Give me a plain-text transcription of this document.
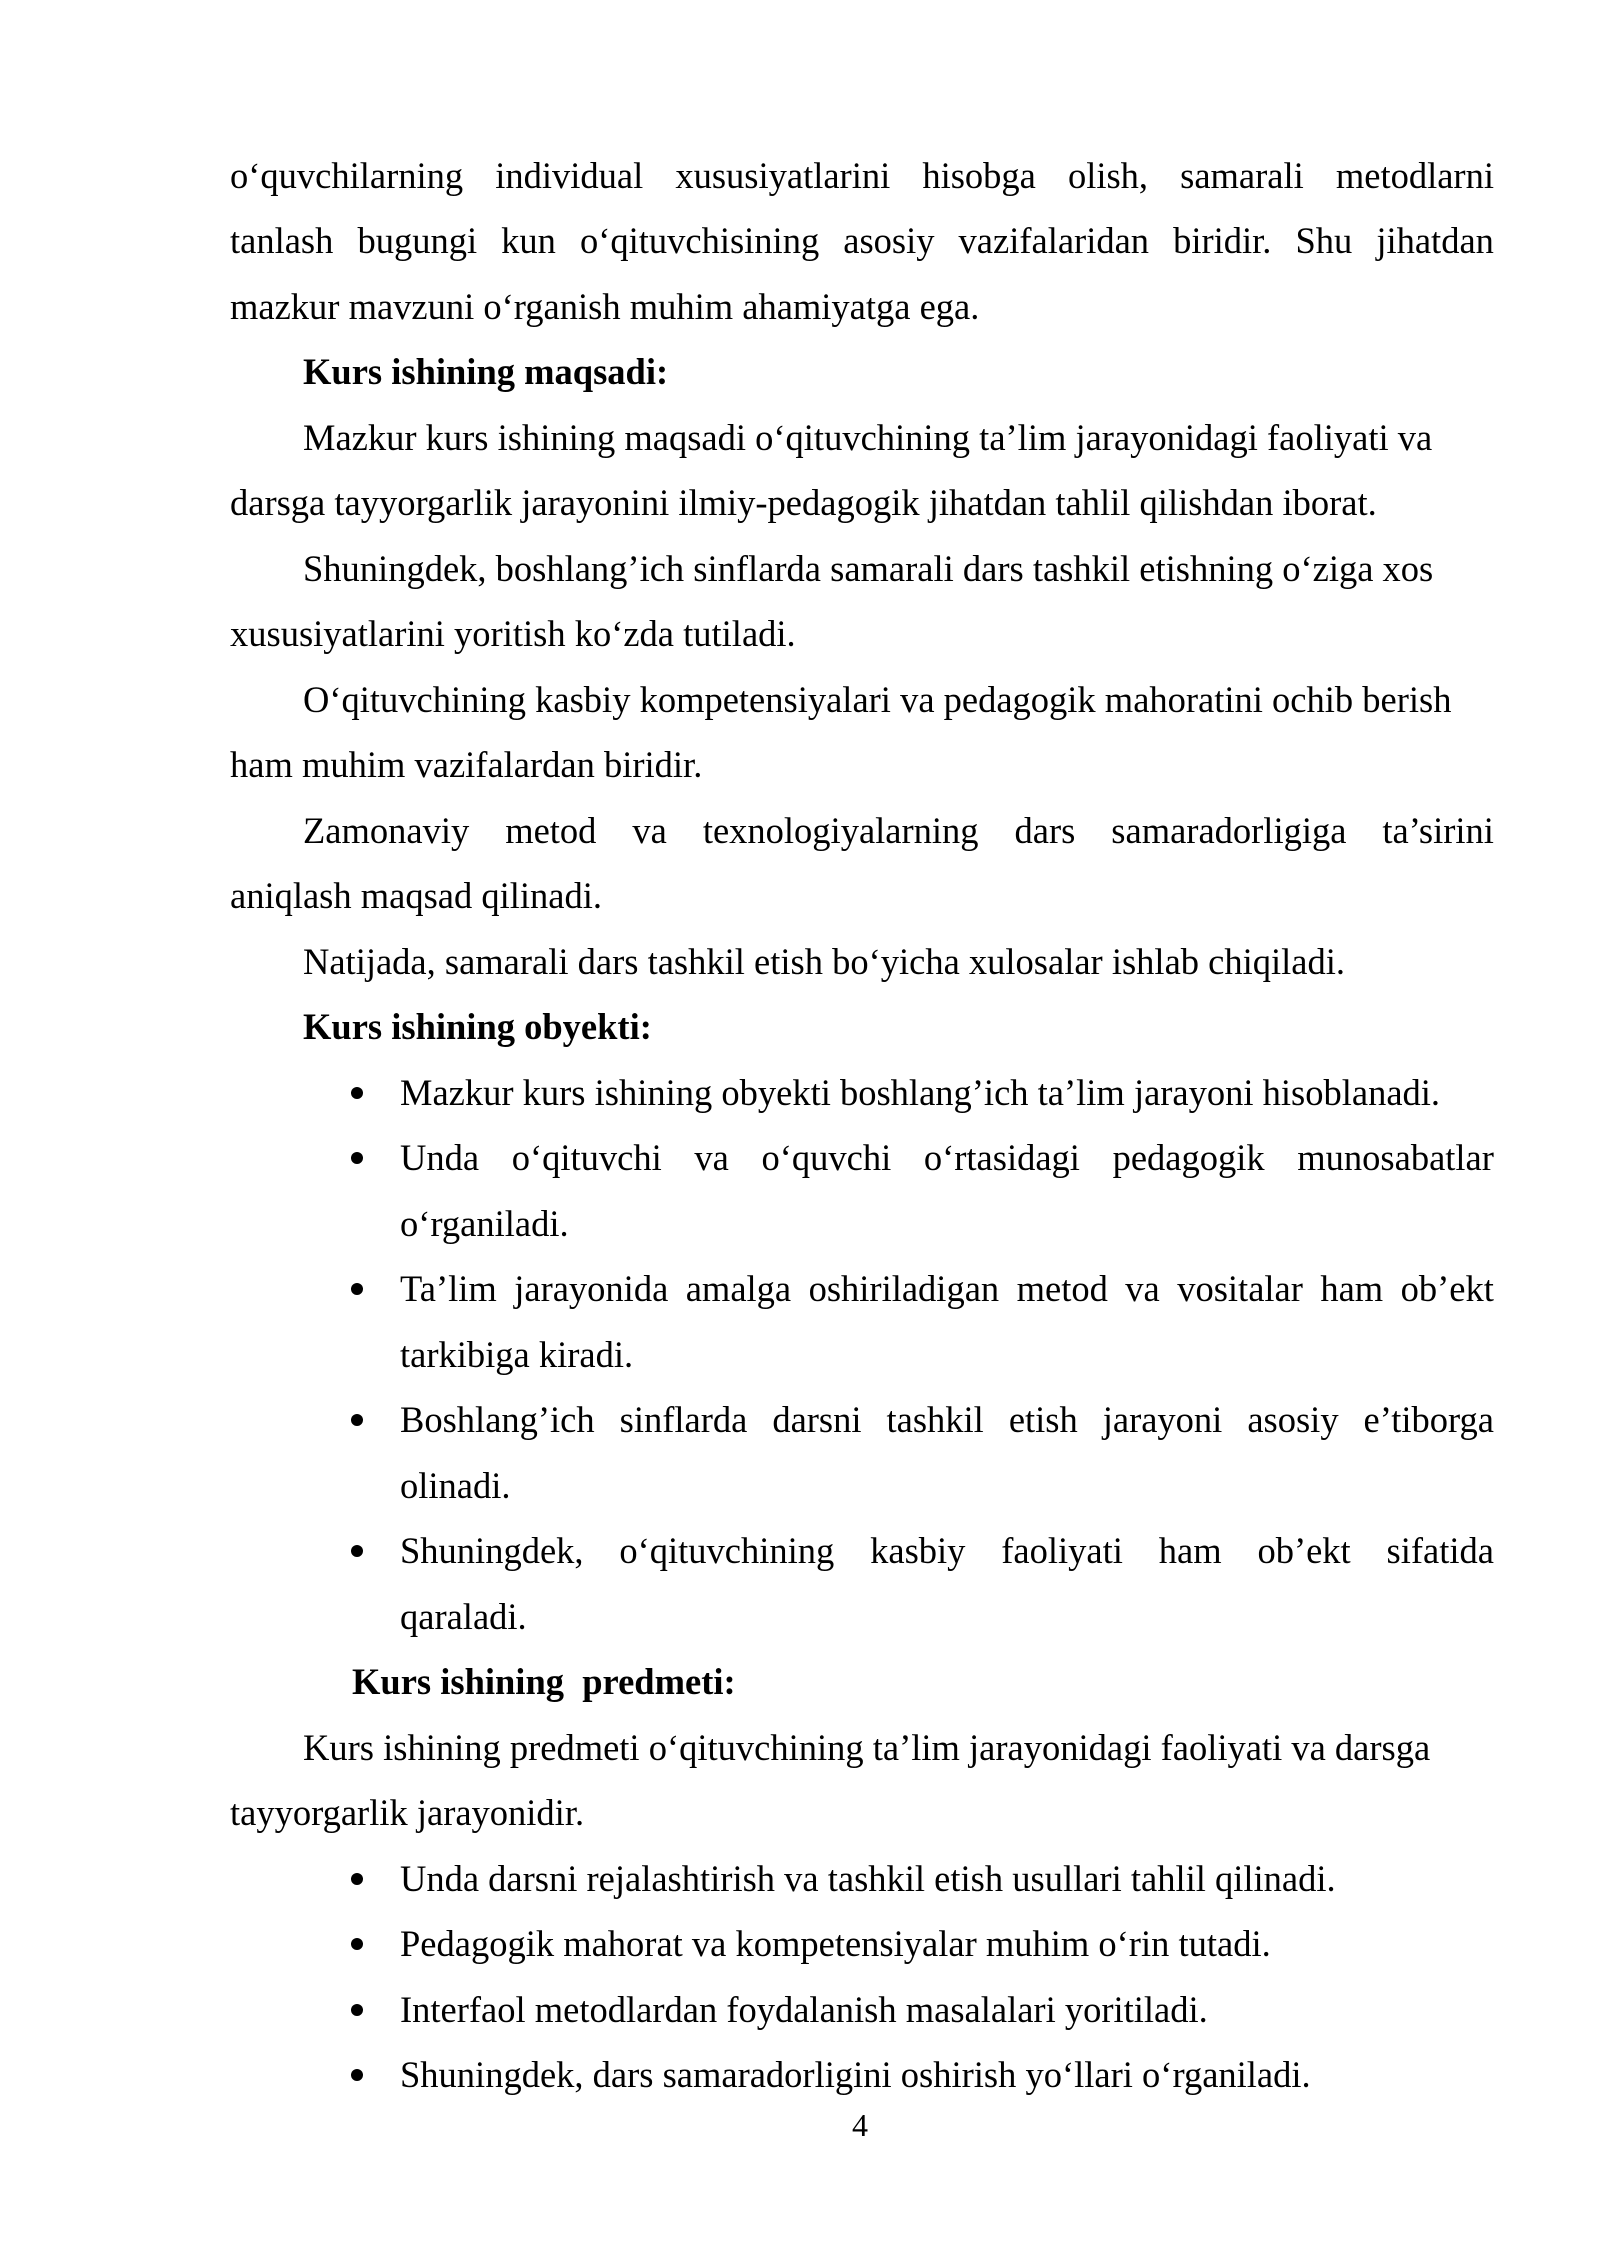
o‘quvchilarning individual xususiyatlarini hisobga olish, samarali metodlarni
tanlash bugungi kun o‘qituvchisining asosiy vazifalaridan biridir. Shu jihatdan
mazkur mavzuni o‘rganish muhim ahamiyatga ega.
Kurs ishining maqsadi:
Mazkur kurs ishining maqsadi o‘qituvchining ta’lim jarayonidagi faoliyati va
darsga tayyorgarlik jarayonini ilmiy-pedagogik jihatdan tahlil qilishdan iborat.
Shuningdek, boshlang’ich sinflarda samarali dars tashkil etishning o‘ziga xos
xususiyatlarini yoritish ko‘zda tutiladi.
O‘qituvchining kasbiy kompetensiyalari va pedagogik mahoratini ochib berish
ham muhim vazifalardan biridir.
Zamonaviy metod va texnologiyalarning dars samaradorligiga ta’sirini
aniqlash maqsad qilinadi.
Natijada, samarali dars tashkil etish bo‘yicha xulosalar ishlab chiqiladi.
Kurs ishining obyekti:
Mazkur kurs ishining obyekti boshlang’ich ta’lim jarayoni hisoblanadi.
Unda o‘qituvchi va o‘quvchi o‘rtasidagi pedagogik munosabatlar
o‘rganiladi.
Ta’lim jarayonida amalga oshiriladigan metod va vositalar ham ob’ekt
tarkibiga kiradi.
Boshlang’ich sinflarda darsni tashkil etish jarayoni asosiy e’tiborga
olinadi.
Shuningdek, o‘qituvchining kasbiy faoliyati ham ob’ekt sifatida
qaraladi.
Kurs ishining  predmeti:
Kurs ishining predmeti o‘qituvchining ta’lim jarayonidagi faoliyati va darsga
tayyorgarlik jarayonidir.
Unda darsni rejalashtirish va tashkil etish usullari tahlil qilinadi.
Pedagogik mahorat va kompetensiyalar muhim o‘rin tutadi.
Interfaol metodlardan foydalanish masalalari yoritiladi.
Shuningdek, dars samaradorligini oshirish yo‘llari o‘rganiladi.
4
